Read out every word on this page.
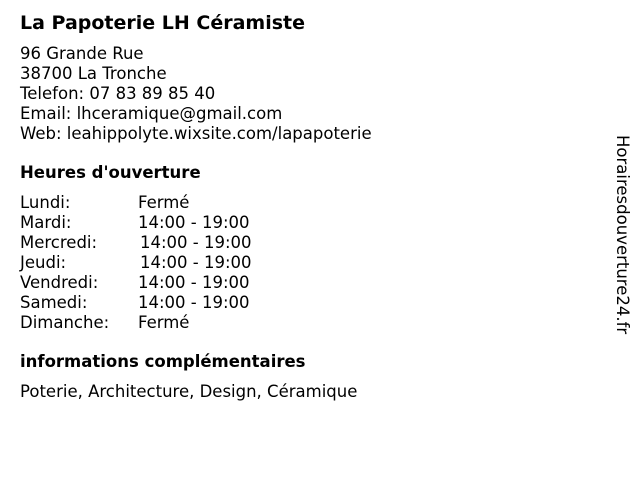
La Papoterie LH Céramiste
96 Grande Rue
38700 La Tronche
Telefon: 07 83 89 85 40
Email: lhceramique@gmail.com
Web: leahippolyte.wixsite.com/lapapoterie
Heures d'ouverture
Lundi:	Fermé
Mardi:	14:00 - 19:00
Mercredi:	14:00 - 19:00
Jeudi:	14:00 - 19:00
Vendredi:	14:00 - 19:00
Samedi:	14:00 - 19:00
Dimanche:	Fermé
informations complémentaires
Poterie, Architecture, Design, Céramique
Horairesdouverture24.fr
